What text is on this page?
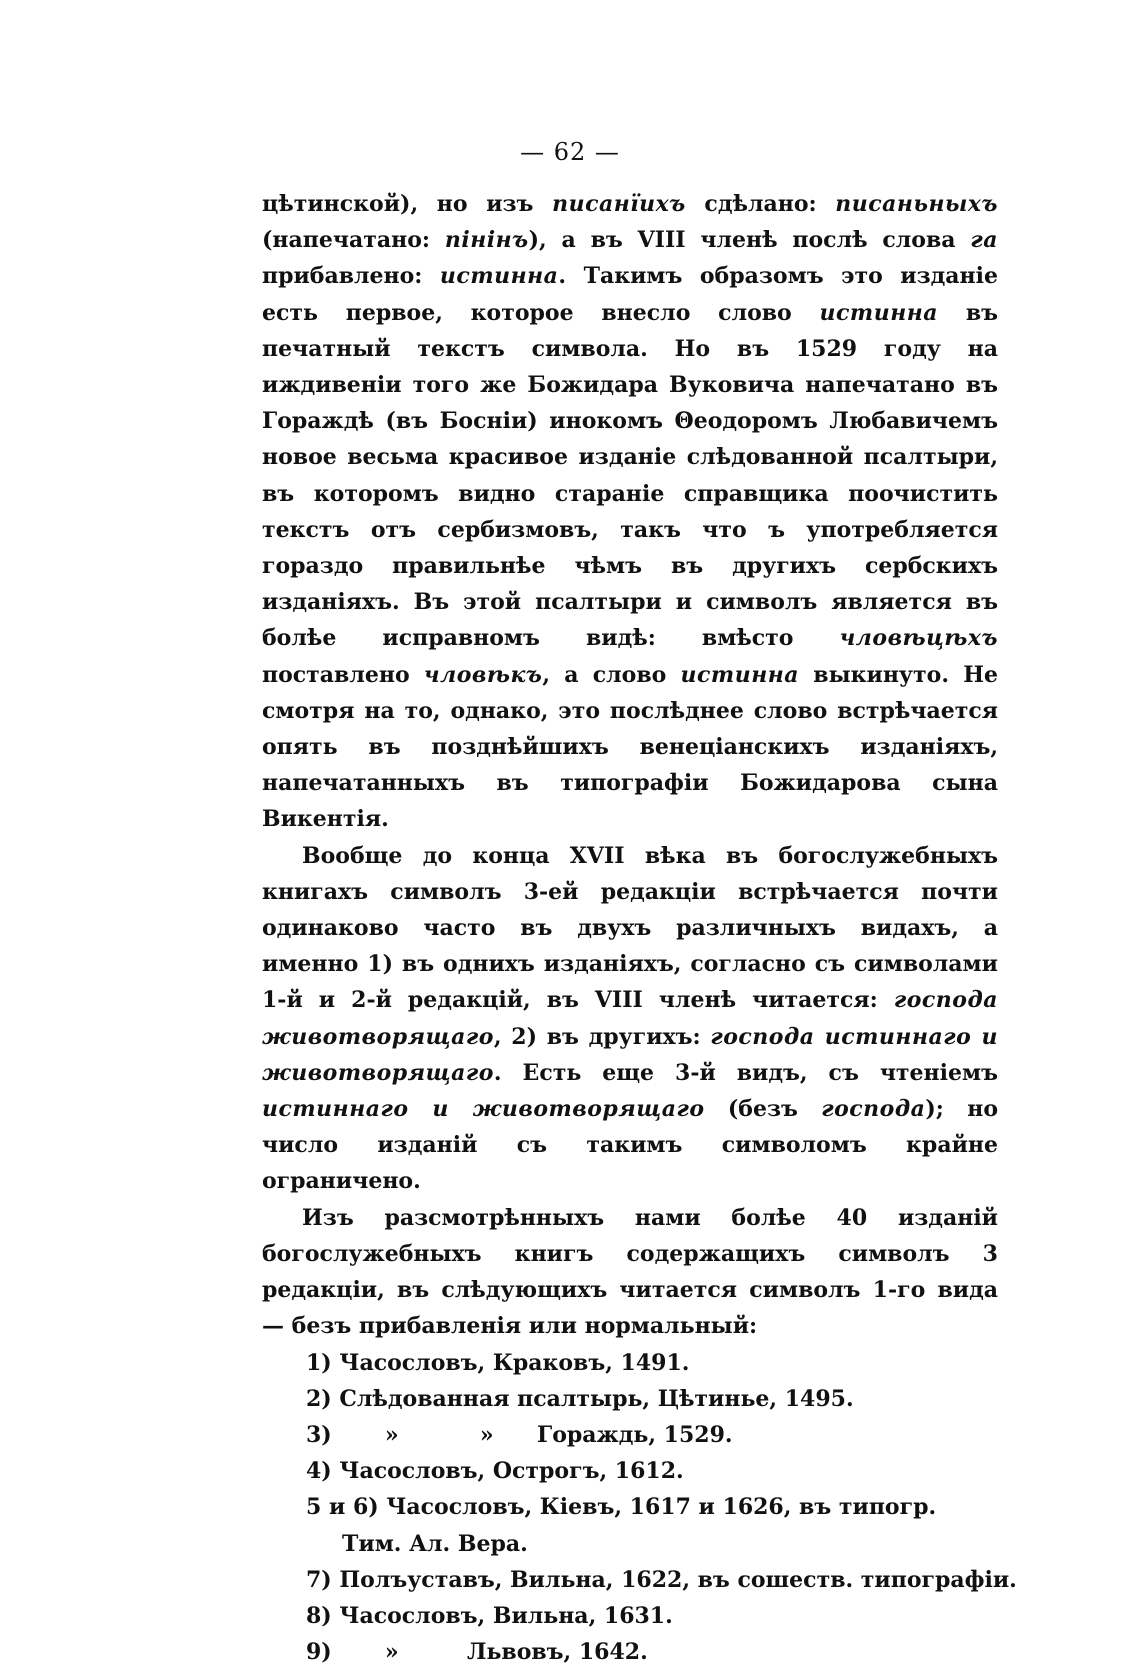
— 62 —

цѣтинской), но изъ писанїихъ сдѣлано: писаньныхъ (напечатано: пінінъ), а въ VIII членѣ послѣ слова га прибавлено: истинна. Такимъ образомъ это изданіе есть первое, которое внесло слово истинна въ печатный текстъ символа. Но въ 1529 году на иждивеніи того же Божидара Вуковича напечатано въ Гораждѣ (въ Босніи) инокомъ Θеодоромъ Любавичемъ новое весьма красивое изданіе слѣдованной псалтыри, въ которомъ видно стараніе справщика поочистить текстъ отъ сербизмовъ, такъ что ъ употребляется гораздо правильнѣе чѣмъ въ другихъ сербскихъ изданіяхъ. Въ этой псалтыри и символъ является въ болѣе исправномъ видѣ: вмѣсто чловѣцѣхъ поставлено чловѣкъ, а слово истинна выкинуто. Не смотря на то, однако, это послѣднее слово встрѣчается опять въ позднѣйшихъ венеціанскихъ изданіяхъ, напечатанныхъ въ типографіи Божидарова сына Викентія.

Вообще до конца XVII вѣка въ богослужебныхъ книгахъ символъ 3-ей редакціи встрѣчается почти одинаково часто въ двухъ различныхъ видахъ, а именно 1) въ однихъ изданіяхъ, согласно съ символами 1-й и 2-й редакцій, въ VIII членѣ читается: господа животворящаго, 2) въ другихъ: господа истиннаго и животворящаго. Есть еще 3-й видъ, съ чтеніемъ истиннаго и животворящаго (безъ господа); но число изданій съ такимъ символомъ крайне ограничено.

Изъ разсмотрѣнныхъ нами болѣе 40 изданій богослужебныхъ книгъ содержащихъ символъ 3 редакціи, въ слѣдующихъ читается символъ 1-го вида — безъ прибавленія или нормальный:

1) Часословъ, Краковъ, 1491.
2) Слѣдованная псалтырь, Цѣтинье, 1495.
3) »	» Гораждь, 1529.
4) Часословъ, Острогъ, 1612.
5 и 6) Часословъ, Кіевъ, 1617 и 1626, въ типогр. Тим. Ал. Вера.
7) Полъуставъ, Вильна, 1622, въ сошеств. типографіи.
8) Часословъ, Вильна, 1631.
9) »	Львовъ, 1642.
